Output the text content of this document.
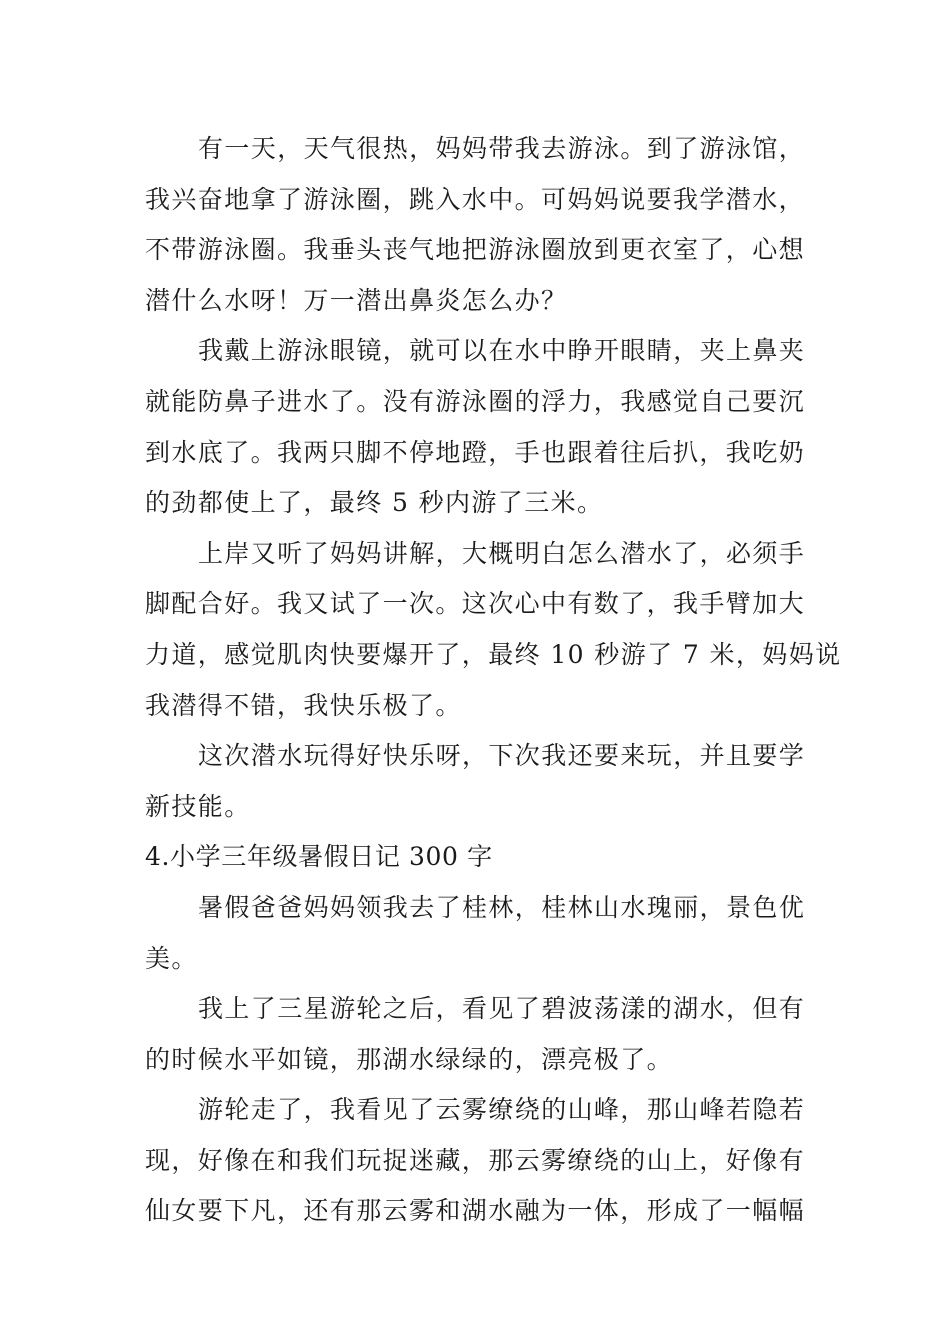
有一天，天气很热，妈妈带我去游泳。到了游泳馆，
我兴奋地拿了游泳圈，跳入水中。可妈妈说要我学潜水，
不带游泳圈。我垂头丧气地把游泳圈放到更衣室了，心想
潜什么水呀！万一潜出鼻炎怎么办？
我戴上游泳眼镜，就可以在水中睁开眼睛，夹上鼻夹
就能防鼻子进水了。没有游泳圈的浮力，我感觉自己要沉
到水底了。我两只脚不停地蹬，手也跟着往后扒，我吃奶
的劲都使上了，最终 5 秒内游了三米。
上岸又听了妈妈讲解，大概明白怎么潜水了，必须手
脚配合好。我又试了一次。这次心中有数了，我手臂加大
力道，感觉肌肉快要爆开了，最终 10 秒游了 7 米，妈妈说
我潜得不错，我快乐极了。
这次潜水玩得好快乐呀，下次我还要来玩，并且要学
新技能。
4.小学三年级暑假日记 300 字
暑假爸爸妈妈领我去了桂林，桂林山水瑰丽，景色优
美。
我上了三星游轮之后，看见了碧波荡漾的湖水，但有
的时候水平如镜，那湖水绿绿的，漂亮极了。
游轮走了，我看见了云雾缭绕的山峰，那山峰若隐若
现，好像在和我们玩捉迷藏，那云雾缭绕的山上，好像有
仙女要下凡，还有那云雾和湖水融为一体，形成了一幅幅
